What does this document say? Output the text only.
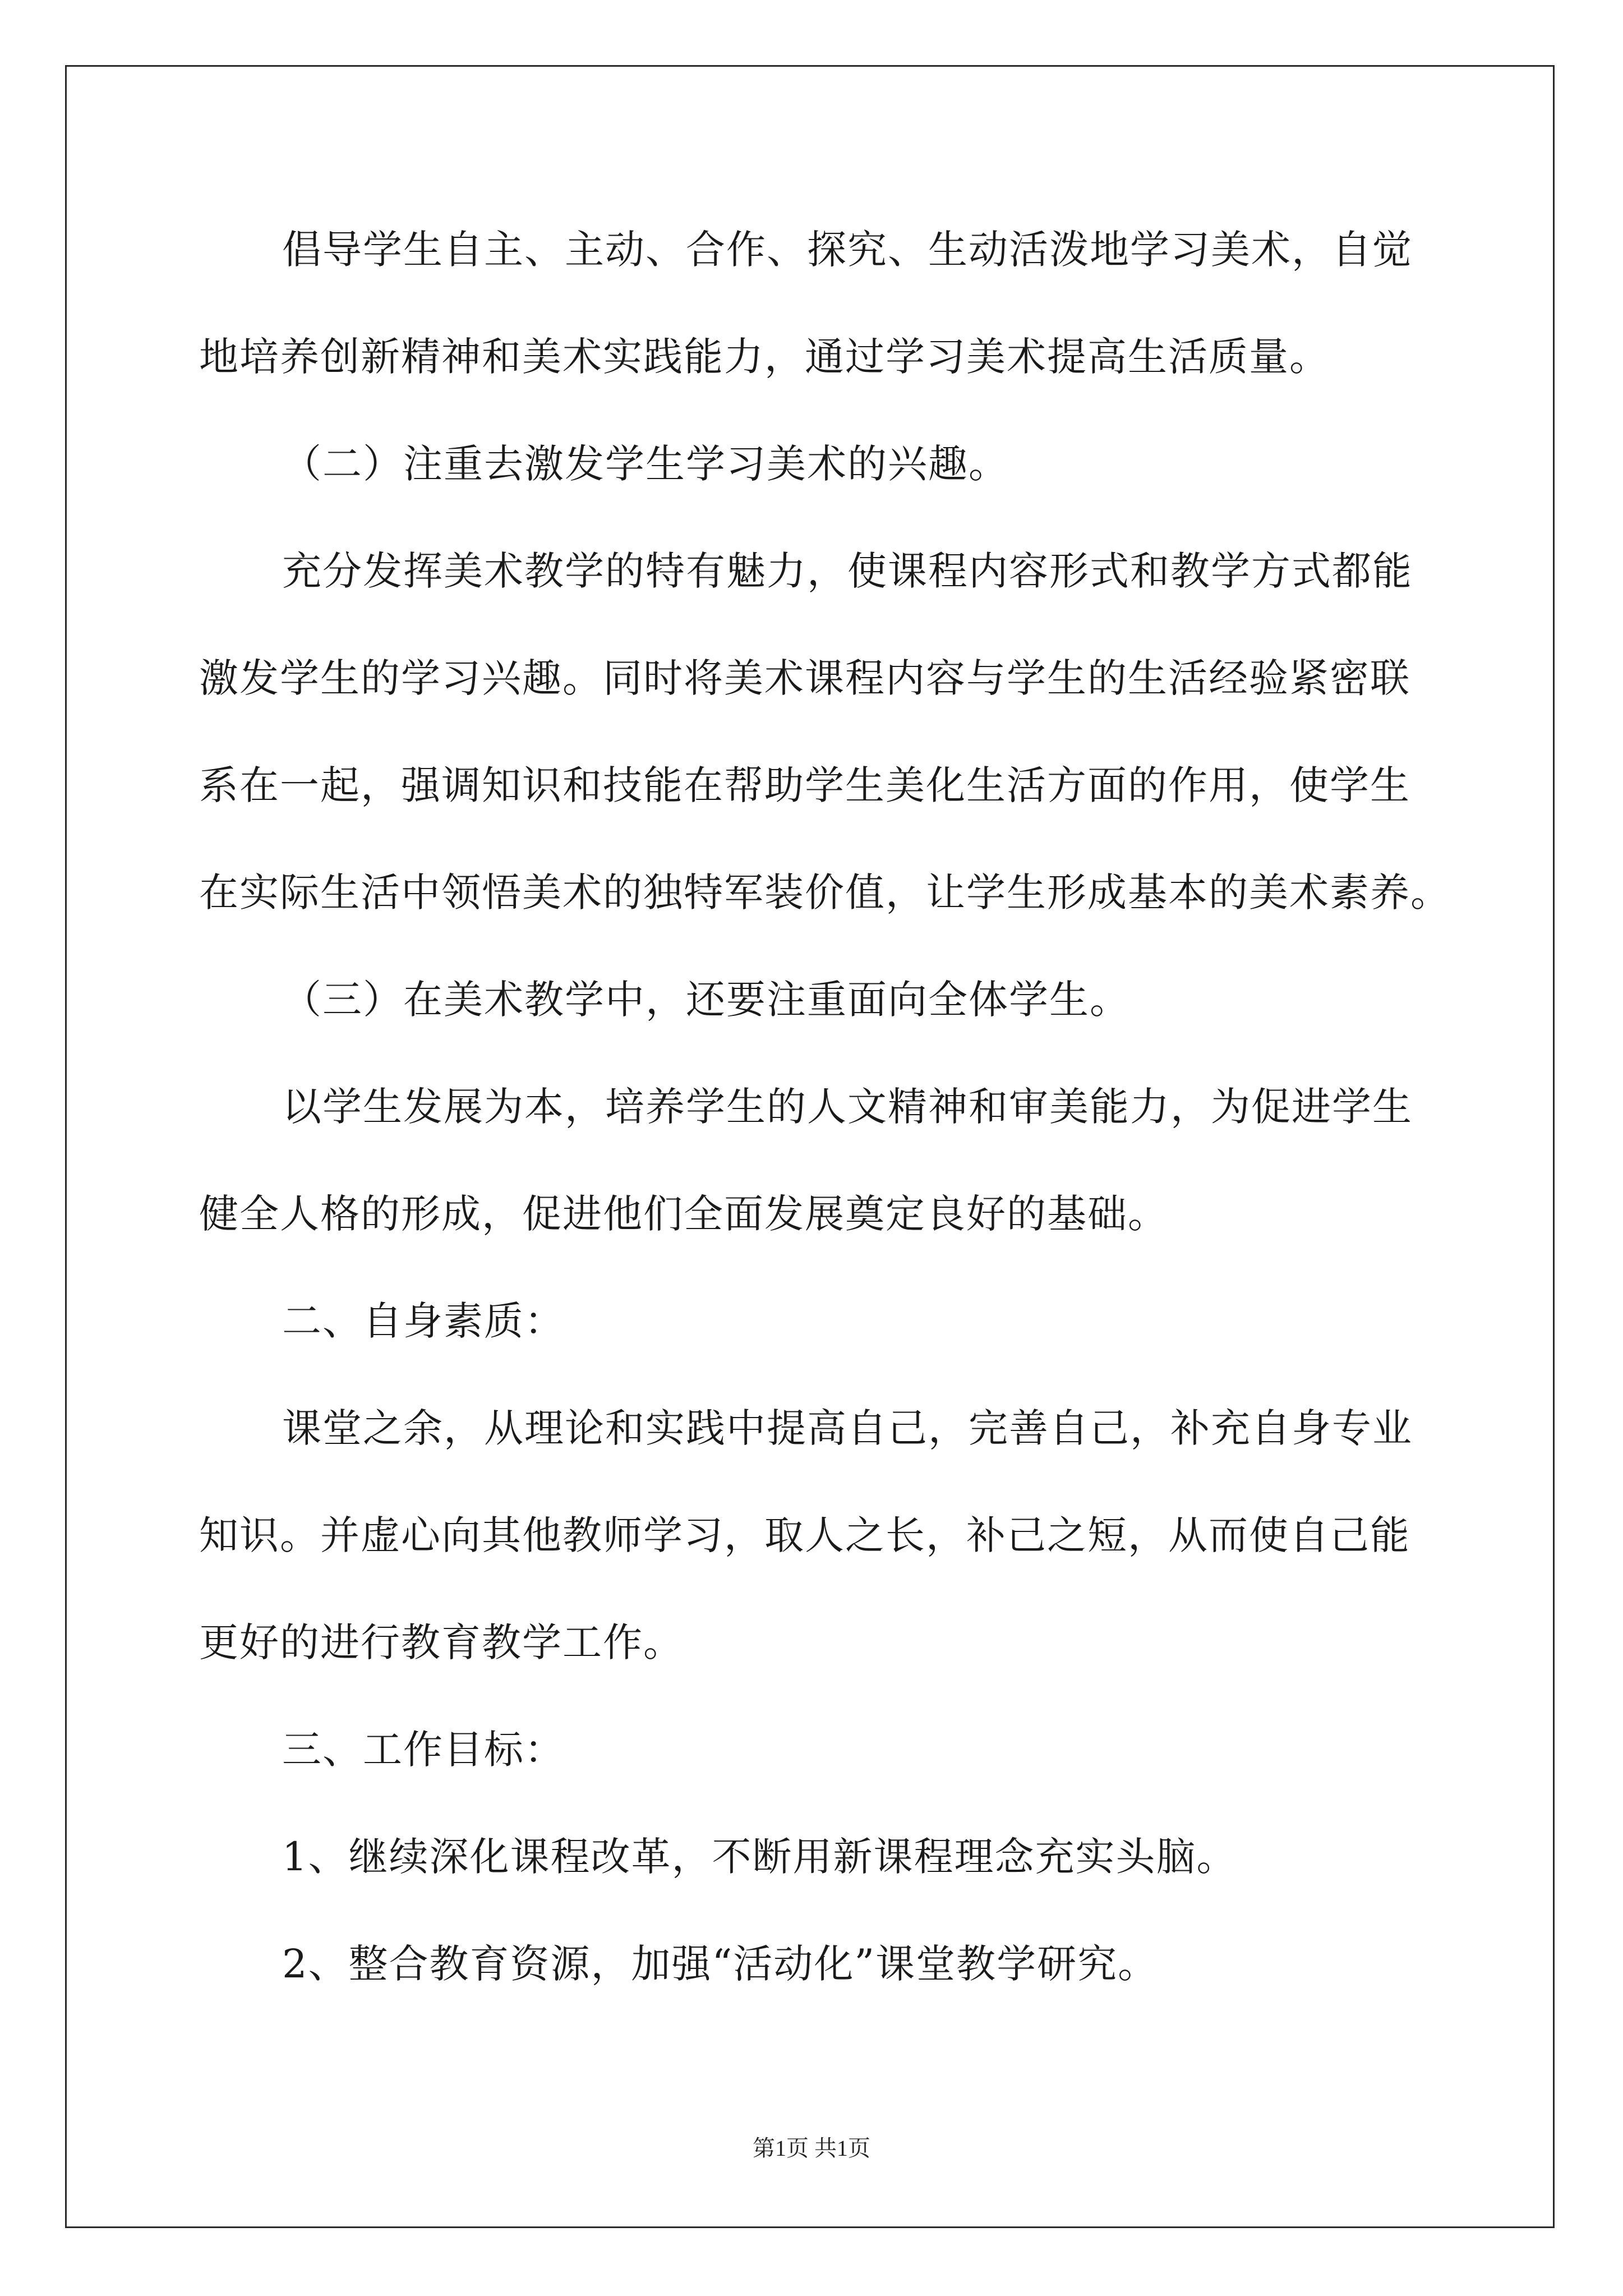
倡导学生自主、主动、合作、探究、生动活泼地学习美术，自觉
地培养创新精神和美术实践能力，通过学习美术提高生活质量。
（二）注重去激发学生学习美术的兴趣。
充分发挥美术教学的特有魅力，使课程内容形式和教学方式都能
激发学生的学习兴趣。同时将美术课程内容与学生的生活经验紧密联
系在一起，强调知识和技能在帮助学生美化生活方面的作用，使学生
在实际生活中领悟美术的独特军装价值，让学生形成基本的美术素养。
（三）在美术教学中，还要注重面向全体学生。
以学生发展为本，培养学生的人文精神和审美能力，为促进学生
健全人格的形成，促进他们全面发展奠定良好的基础。
二、自身素质：
课堂之余，从理论和实践中提高自己，完善自己，补充自身专业
知识。并虚心向其他教师学习，取人之长，补己之短，从而使自己能
更好的进行教育教学工作。
三、工作目标：
1、继续深化课程改革，不断用新课程理念充实头脑。
2、整合教育资源，加强“活动化”课堂教学研究。
第1页 共1页
